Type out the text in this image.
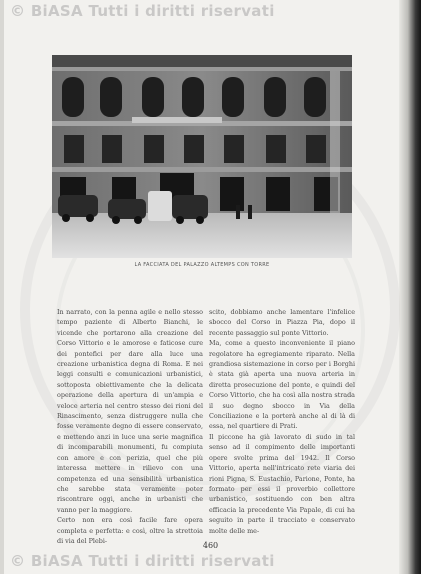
© BiASA Tutti i diritti riservati
LA FACCIATA DEL PALAZZO ALTEMPS CON TORRE

In narrato, con la penna agile e nello stesso tempo paziente di Alberto Bianchi, le vicende che portarono alla creazione del Corso Vittorio e le amorose e faticose cure dei pontefici per dare alla luce una creazione urbanistica degna di Roma. E nei leggi consulti e comunicazioni urbanistici, sottoposta obiettivamente che la delicata operazione della apertura di un'ampia e veloce arteria nel centro stesso dei rioni del Rinascimento, senza distruggere nulla che fosse veramente degno di essere conservato, e mettendo anzi in luce una serie magnifica di incomparabili monumenti, fu compiuta con amore e con perizia, quel che più interessa mettere in rilievo con una competenza ed una sensibilità urbanistica che sarebbe stata veramente poter riscontrare oggi, anche in urbanisti che vanno per la maggiore.

Certo non era così facile fare opera completa e perfetta: e così, oltre la strettoia di via del Plebi-

scito, dobbiamo anche lamentare l'infelice sbocco del Corso in Piazza Pia, dopo il recente passaggio sul ponte Vittorio.

Ma, come a questo inconveniente il piano regolatore ha egregiamente riparato. Nella grandiosa sistemazione in corso per i Borghi è stata già aperta una nuova arteria in diretta prosecuzione del ponte, e quindi del Corso Vittorio, che ha così alla nostra strada il suo degno sbocco in Via della Conciliazione e la porterà anche al di là di essa, nel quartiere di Prati.

Il piccone ha già lavorato di sudo in tal senso ad il compimento delle importanti opere svolte prima del 1942. Il Corso Vittorio, aperta nell'intricato rete viaria dei rioni Pigna, S. Eustachio, Parione, Ponte, ha formato per essi il proverbio collettore urbanistico, sostituendo con ben altra efficacia la precedente Via Papale, di cui ha seguito in parte il tracciato e conservato molte delle me-

460
© BiASA Tutti i diritti riservati
